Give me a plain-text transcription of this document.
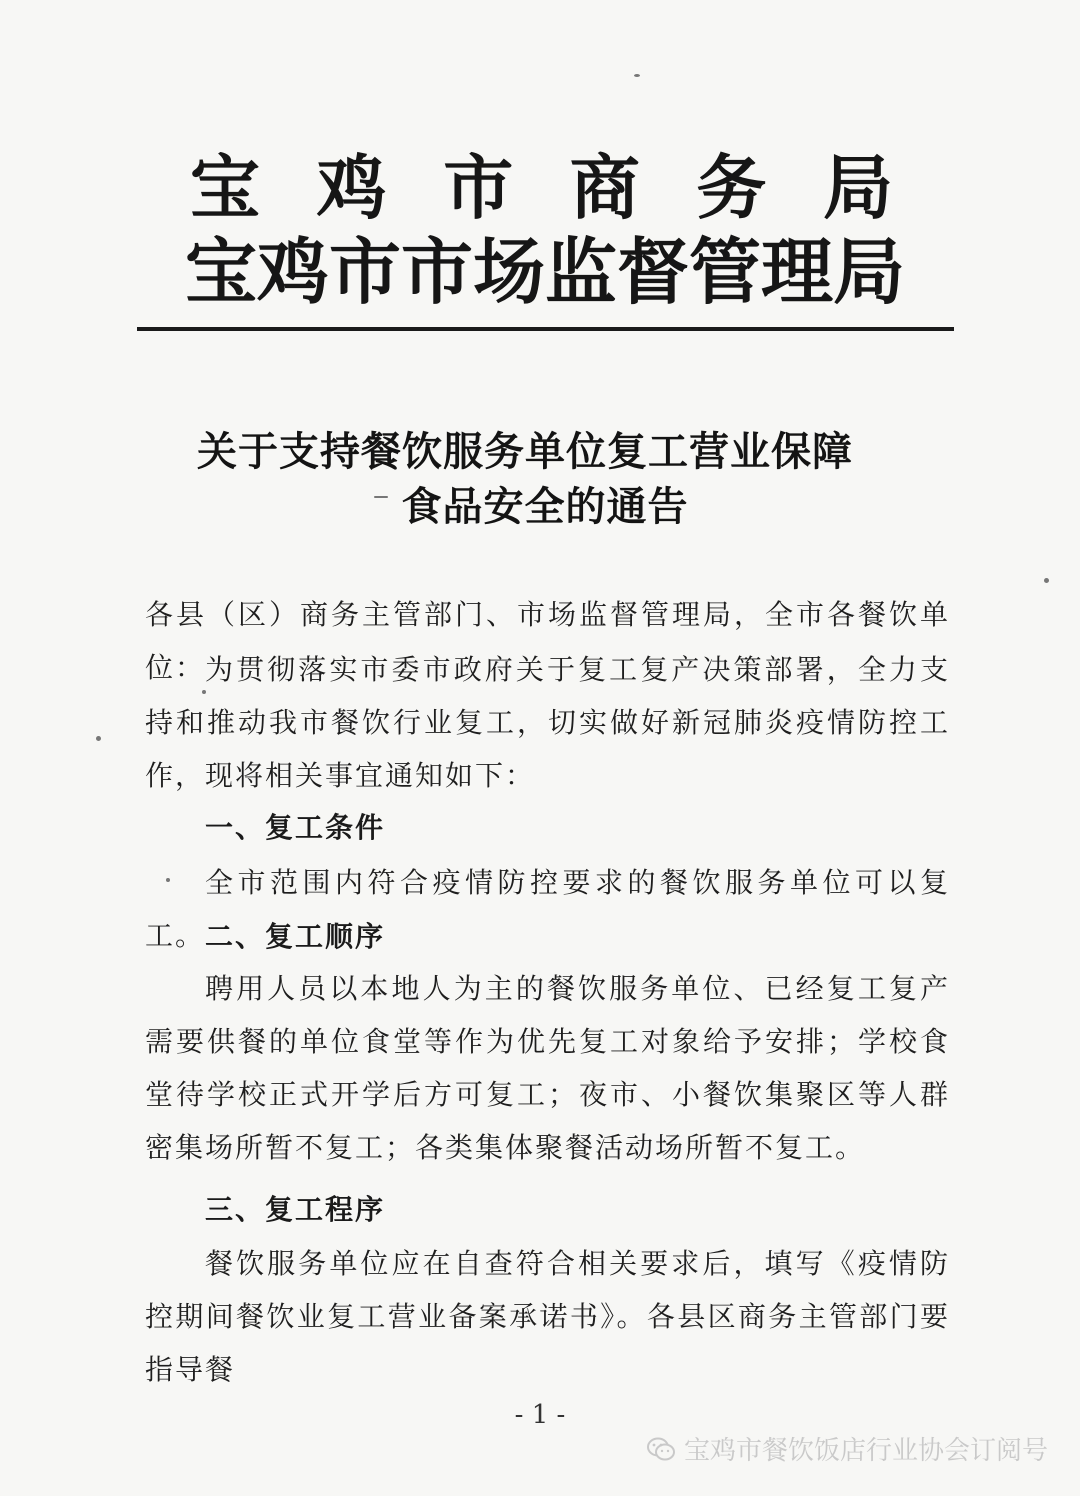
宝鸡市商务局
宝鸡市市场监督管理局
关于支持餐饮服务单位复工营业保障
食品安全的通告
各县（区）商务主管部门、市场监督管理局，全市各餐饮单位： 为贯彻落实市委市政府关于复工复产决策部署，全力支持和推动我市餐饮行业复工，切实做好新冠肺炎疫情防控工作，现将相关事宜通知如下：
一、复工条件
全市范围内符合疫情防控要求的餐饮服务单位可以复工。 二、复工顺序
聘用人员以本地人为主的餐饮服务单位、已经复工复产需要供餐的单位食堂等作为优先复工对象给予安排；学校食堂待学校正式开学后方可复工；夜市、小餐饮集聚区等人群密集场所暂不复工；各类集体聚餐活动场所暂不复工。
三、复工程序
餐饮服务单位应在自查符合相关要求后，填写《疫情防控期间餐饮业复工营业备案承诺书》。各县区商务主管部门要指导餐
- 1 -
宝鸡市餐饮饭店行业协会订阅号
